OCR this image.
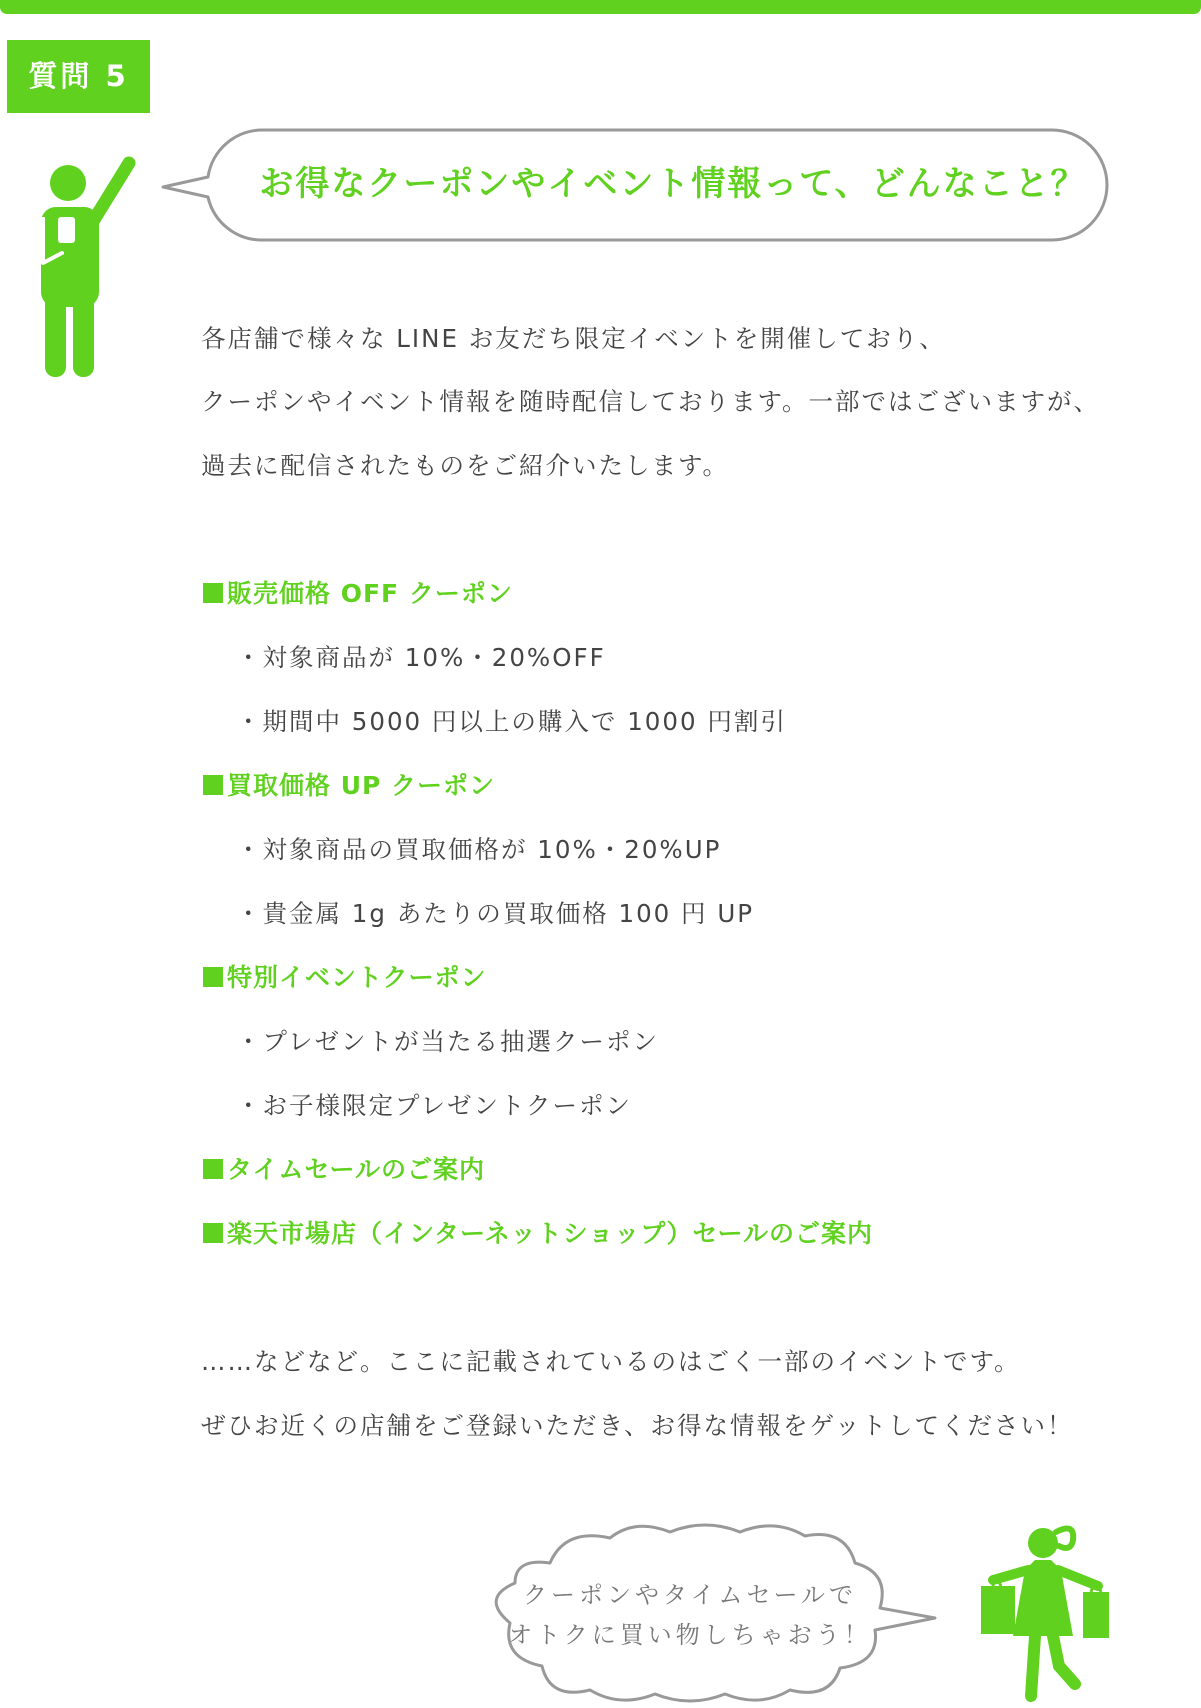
質問 5
お得なクーポンやイベント情報って、どんなこと？

各店舗で様々な LINE お友だち限定イベントを開催しており、

クーポンやイベント情報を随時配信しております。一部ではございますが、

過去に配信されたものをご紹介いたします。

販売価格 OFF クーポン

・対象商品が 10%・20%OFF

・期間中 5000 円以上の購入で 1000 円割引

買取価格 UP クーポン

・対象商品の買取価格が 10%・20%UP

・貴金属 1g あたりの買取価格 100 円 UP

特別イベントクーポン

・プレゼントが当たる抽選クーポン

・お子様限定プレゼントクーポン

タイムセールのご案内

楽天市場店（インターネットショップ）セールのご案内

……などなど。ここに記載されているのはごく一部のイベントです。

ぜひお近くの店舗をご登録いただき、お得な情報をゲットしてください！

クーポンやタイムセールで
オトクに買い物しちゃおう！
